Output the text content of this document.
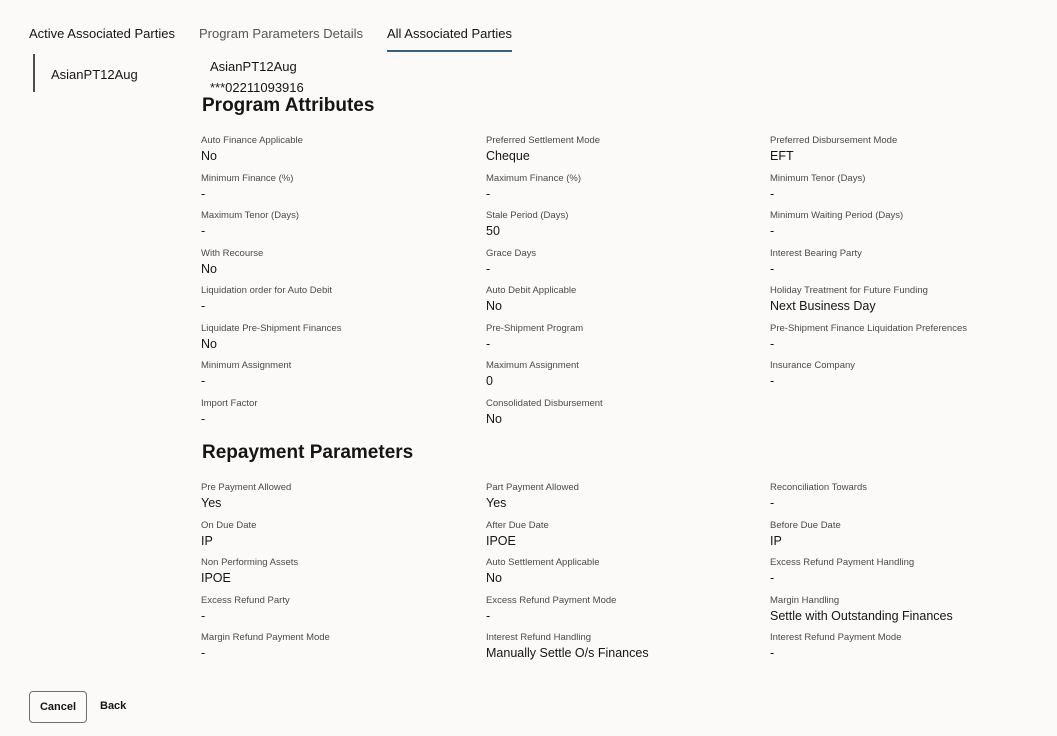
Active Associated Parties Program Parameters Details All Associated Parties
AsianPT12Aug
AsianPT12Aug
***02211093916
Program Attributes
Auto Finance Applicable
No
Preferred Settlement Mode
Cheque
Preferred Disbursement Mode
EFT
Minimum Finance (%)
-
Maximum Finance (%)
-
Minimum Tenor (Days)
-
Maximum Tenor (Days)
-
Stale Period (Days)
50
Minimum Waiting Period (Days)
-
With Recourse
No
Grace Days
-
Interest Bearing Party
-
Liquidation order for Auto Debit
-
Auto Debit Applicable
No
Holiday Treatment for Future Funding
Next Business Day
Liquidate Pre-Shipment Finances
No
Pre-Shipment Program
-
Pre-Shipment Finance Liquidation Preferences
-
Minimum Assignment
-
Maximum Assignment
0
Insurance Company
-
Import Factor
-
Consolidated Disbursement
No
Repayment Parameters
Pre Payment Allowed
Yes
Part Payment Allowed
Yes
Reconciliation Towards
-
On Due Date
IP
After Due Date
IPOE
Before Due Date
IP
Non Performing Assets
IPOE
Auto Settlement Applicable
No
Excess Refund Payment Handling
-
Excess Refund Party
-
Excess Refund Payment Mode
-
Margin Handling
Settle with Outstanding Finances
Margin Refund Payment Mode
-
Interest Refund Handling
Manually Settle O/s Finances
Interest Refund Payment Mode
-
Cancel	Back
